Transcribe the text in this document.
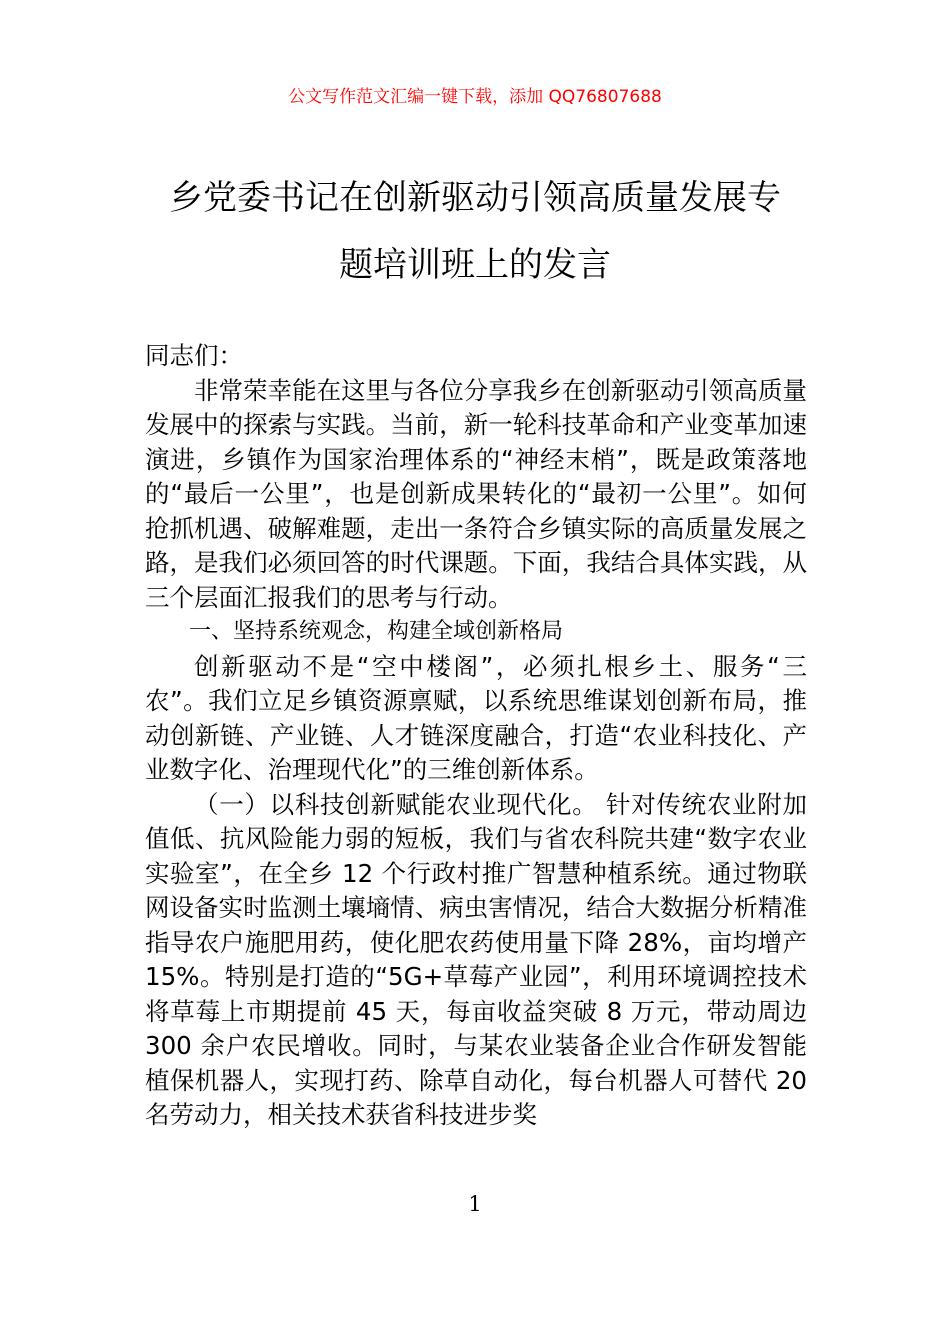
公文写作范文汇编一键下载，添加 QQ76807688
乡党委书记在创新驱动引领高质量发展专
题培训班上的发言

同志们：

非常荣幸能在这里与各位分享我乡在创新驱动引领高质量发展中的探索与实践。当前，新一轮科技革命和产业变革加速演进，乡镇作为国家治理体系的“神经末梢”，既是政策落地的“最后一公里”，也是创新成果转化的“最初一公里”。如何抢抓机遇、破解难题，走出一条符合乡镇实际的高质量发展之路，是我们必须回答的时代课题。下面，我结合具体实践，从三个层面汇报我们的思考与行动。

一、坚持系统观念，构建全域创新格局

创新驱动不是“空中楼阁”，必须扎根乡土、服务“三农”。我们立足乡镇资源禀赋，以系统思维谋划创新布局，推动创新链、产业链、人才链深度融合，打造“农业科技化、产业数字化、治理现代化”的三维创新体系。

（一）以科技创新赋能农业现代化。 针对传统农业附加值低、抗风险能力弱的短板，我们与省农科院共建“数字农业实验室”，在全乡 12 个行政村推广智慧种植系统。通过物联网设备实时监测土壤墒情、病虫害情况，结合大数据分析精准指导农户施肥用药，使化肥农药使用量下降 28%，亩均增产 15%。特别是打造的“5G+草莓产业园”，利用环境调控技术将草莓上市期提前 45 天，每亩收益突破 8 万元，带动周边 300 余户农民增收。同时，与某农业装备企业合作研发智能植保机器人，实现打药、除草自动化，每台机器人可替代 20 名劳动力，相关技术获省科技进步奖

1
